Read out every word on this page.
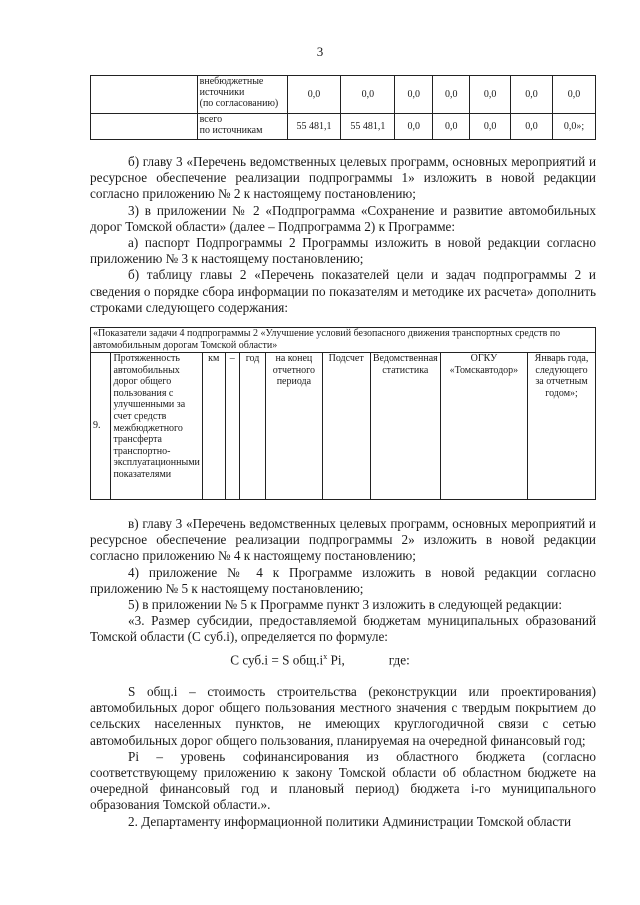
3

	внебюджетные
источники
(по согласованию)	0,0	0,0	0,0	0,0	0,0	0,0	0,0

	всего
по источникам	55 481,1	55 481,1	0,0	0,0	0,0	0,0	0,0»;

б) главу 3 «Перечень ведомственных целевых программ, основных мероприятий и ресурсное обеспечение реализации подпрограммы 1» изложить в новой редакции согласно приложению № 2 к настоящему постановлению;

3) в приложении № 2 «Подпрограмма «Сохранение и развитие автомобильных дорог Томской области» (далее – Подпрограмма 2) к Программе:

а) паспорт Подпрограммы 2 Программы изложить в новой редакции согласно приложению № 3 к настоящему постановлению;

б) таблицу главы 2 «Перечень показателей цели и задач подпрограммы 2 и сведения о порядке сбора информации по показателям и методике их расчета» дополнить строками следующего содержания:

«Показатели задачи 4 подпрограммы 2 «Улучшение условий безопасного движения транспортных средств по автомобильным дорогам Томской области»
9.	Протяженность автомобильных дорог общего пользования с улучшенными за счет средств межбюджетного трансферта транспортно-эксплуатационными показателями	км	–	год	на конец отчетного периода	Подсчет	Ведомственная статистика	ОГКУ «Томскавтодор»	Январь года, следующего за отчетным годом»;

в) главу 3 «Перечень ведомственных целевых программ, основных мероприятий и ресурсное обеспечение реализации подпрограммы 2» изложить в новой редакции согласно приложению № 4 к настоящему постановлению;

4) приложение № 4 к Программе изложить в новой редакции согласно приложению № 5 к настоящему постановлению;

5) в приложении № 5 к Программе пункт 3 изложить в следующей редакции:

«3. Размер субсидии, предоставляемой бюджетам муниципальных образований Томской области (С суб.i), определяется по формуле:

С суб.i = S $общ.i^x$ Pi,	где:

S общ.i – стоимость строительства (реконструкции или проектирования) автомобильных дорог общего пользования местного значения с твердым покрытием до сельских населенных пунктов, не имеющих круглогодичной связи с сетью автомобильных дорог общего пользования, планируемая на очередной финансовый год;

Pi – уровень софинансирования из областного бюджета (согласно соответствующему приложению к закону Томской области об областном бюджете на очередной финансовый год и плановый период) бюджета i-го муниципального образования Томской области.».

2. Департаменту информационной политики Администрации Томской области
